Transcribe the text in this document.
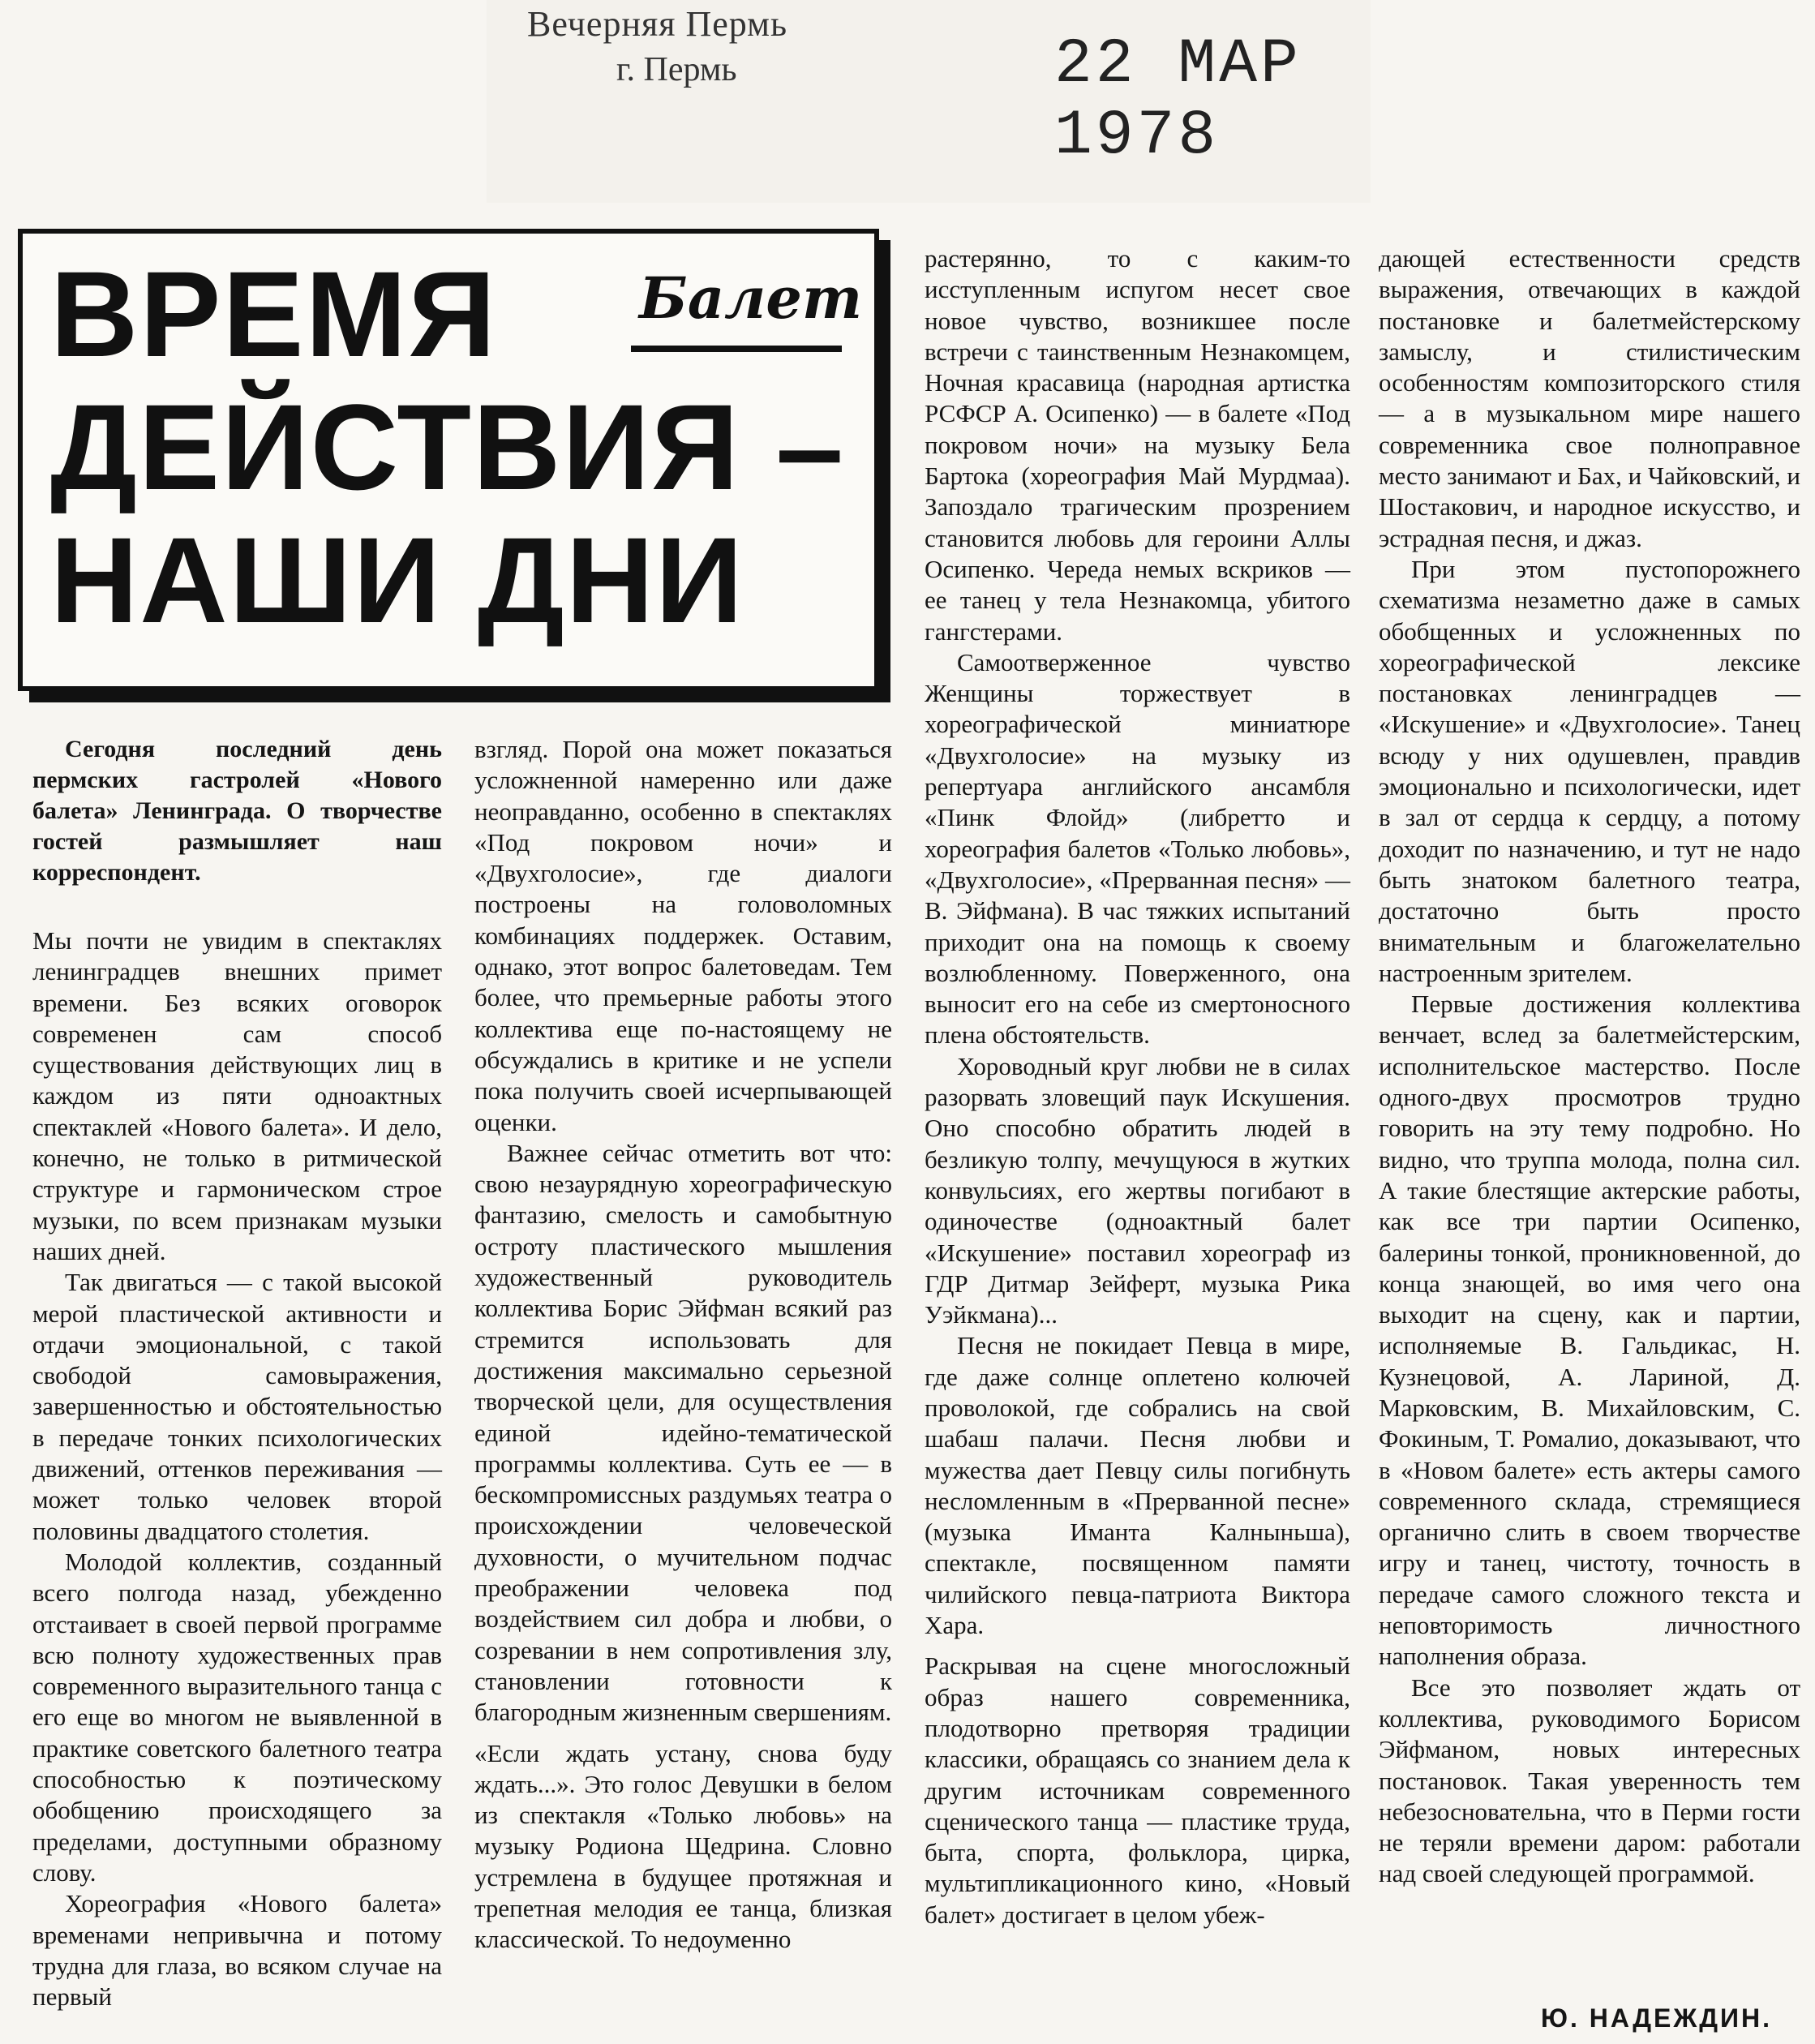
Вечерняя Пермь
г. Пермь	22 МАР 1978
ВРЕМЯ Балет
ДЕЙСТВИЯ –
НАШИ ДНИ

Сегодня последний день пермских гастролей «Нового балета» Ленинграда. О творчестве гостей размышляет наш корреспондент.

Мы почти не увидим в спектаклях ленинградцев внешних примет времени. Без всяких оговорок современен сам способ существования действующих лиц в каждом из пяти одноактных спектаклей «Нового балета». И дело, конечно, не только в ритмической структуре и гармоническом строе музыки, по всем признакам музыки наших дней.

Так двигаться — с такой высокой мерой пластической активности и отдачи эмоциональной, с такой свободой самовыражения, завершенностью и обстоятельностью в передаче тонких психологических движений, оттенков переживания — может только человек второй половины двадцатого столетия.

Молодой коллектив, созданный всего полгода назад, убежденно отстаивает в своей первой программе всю полноту художественных прав современного выразительного танца с его еще во многом не выявленной в практике советского балетного театра способностью к поэтическому обобщению происходящего за пределами, доступными образному слову.

Хореография «Нового балета» временами непривычна и потому трудна для глаза, во всяком случае на первый

взгляд. Порой она может показаться усложненной намеренно или даже неоправданно, особенно в спектаклях «Под покровом ночи» и «Двухголосие», где диалоги построены на головоломных комбинациях поддержек. Оставим, однако, этот вопрос балетоведам. Тем более, что премьерные работы этого коллектива еще по-настоящему не обсуждались в критике и не успели пока получить своей исчерпывающей оценки.

Важнее сейчас отметить вот что: свою незаурядную хореографическую фантазию, смелость и самобытную остроту пластического мышления художественный руководитель коллектива Борис Эйфман всякий раз стремится использовать для достижения максимально серьезной творческой цели, для осуществления единой идейно-тематической программы коллектива. Суть ее — в бескомпромиссных раздумьях театра о происхождении человеческой духовности, о мучительном подчас преображении человека под воздействием сил добра и любви, о созревании в нем сопротивления злу, становлении готовности к благородным жизненным свершениям.

«Если ждать устану, снова буду ждать...». Это голос Девушки в белом из спектакля «Только любовь» на музыку Родиона Щедрина. Словно устремлена в будущее протяжная и трепетная мелодия ее танца, близкая классической. То недоуменно

растерянно, то с каким-то исступленным испугом несет свое новое чувство, возникшее после встречи с таинственным Незнакомцем, Ночная красавица (народная артистка РСФСР А. Осипенко) — в балете «Под покровом ночи» на музыку Бела Бартока (хореография Май Мурдмаа). Запоздало трагическим прозрением становится любовь для героини Аллы Осипенко. Череда немых вскриков — ее танец у тела Незнакомца, убитого гангстерами.

Самоотверженное чувство Женщины торжествует в хореографической миниатюре «Двухголосие» на музыку из репертуара английского ансамбля «Пинк Флойд» (либретто и хореография балетов «Только любовь», «Двухголосие», «Прерванная песня» — В. Эйфмана). В час тяжких испытаний приходит она на помощь к своему возлюбленному. Поверженного, она выносит его на себе из смертоносного плена обстоятельств.

Хороводный круг любви не в силах разорвать зловещий паук Искушения. Оно способно обратить людей в безликую толпу, мечущуюся в жутких конвульсиях, его жертвы погибают в одиночестве (одноактный балет «Искушение» поставил хореограф из ГДР Дитмар Зейферт, музыка Рика Уэйкмана)...

Песня не покидает Певца в мире, где даже солнце оплетено колючей проволокой, где собрались на свой шабаш палачи. Песня любви и мужества дает Певцу силы погибнуть несломленным в «Прерванной песне» (музыка Иманта Калныньша), спектакле, посвященном памяти чилийского певца-патриота Виктора Хара.

Раскрывая на сцене многосложный образ нашего современника, плодотворно претворяя традиции классики, обращаясь со знанием дела к другим источникам современного сценического танца — пластике труда, быта, спорта, фольклора, цирка, мультипликационного кино, «Новый балет» достигает в целом убеж-

дающей естественности средств выражения, отвечающих в каждой постановке и балетмейстерскому замыслу, и стилистическим особенностям композиторского стиля — а в музыкальном мире нашего современника свое полноправное место занимают и Бах, и Чайковский, и Шостакович, и народное искусство, и эстрадная песня, и джаз.

При этом пустопорожнего схематизма незаметно даже в самых обобщенных и усложненных по хореографической лексике постановках ленинградцев — «Искушение» и «Двухголосие». Танец всюду у них одушевлен, правдив эмоционально и психологически, идет в зал от сердца к сердцу, а потому доходит по назначению, и тут не надо быть знатоком балетного театра, достаточно быть просто внимательным и благожелательно настроенным зрителем.

Первые достижения коллектива венчает, вслед за балетмейстерским, исполнительское мастерство. После одного-двух просмотров трудно говорить на эту тему подробно. Но видно, что труппа молода, полна сил. А такие блестящие актерские работы, как все три партии Осипенко, балерины тонкой, проникновенной, до конца знающей, во имя чего она выходит на сцену, как и партии, исполняемые В. Гальдикас, Н. Кузнецовой, А. Лариной, Д. Марковским, В. Михайловским, С. Фокиным, Т. Ромалио, доказывают, что в «Новом балете» есть актеры самого современного склада, стремящиеся органично слить в своем творчестве игру и танец, чистоту, точность в передаче самого сложного текста и неповторимость личностного наполнения образа.

Все это позволяет ждать от коллектива, руководимого Борисом Эйфманом, новых интересных постановок. Такая уверенность тем небезосновательна, что в Перми гости не теряли времени даром: работали над своей следующей программой.

Ю. НАДЕЖДИН.
